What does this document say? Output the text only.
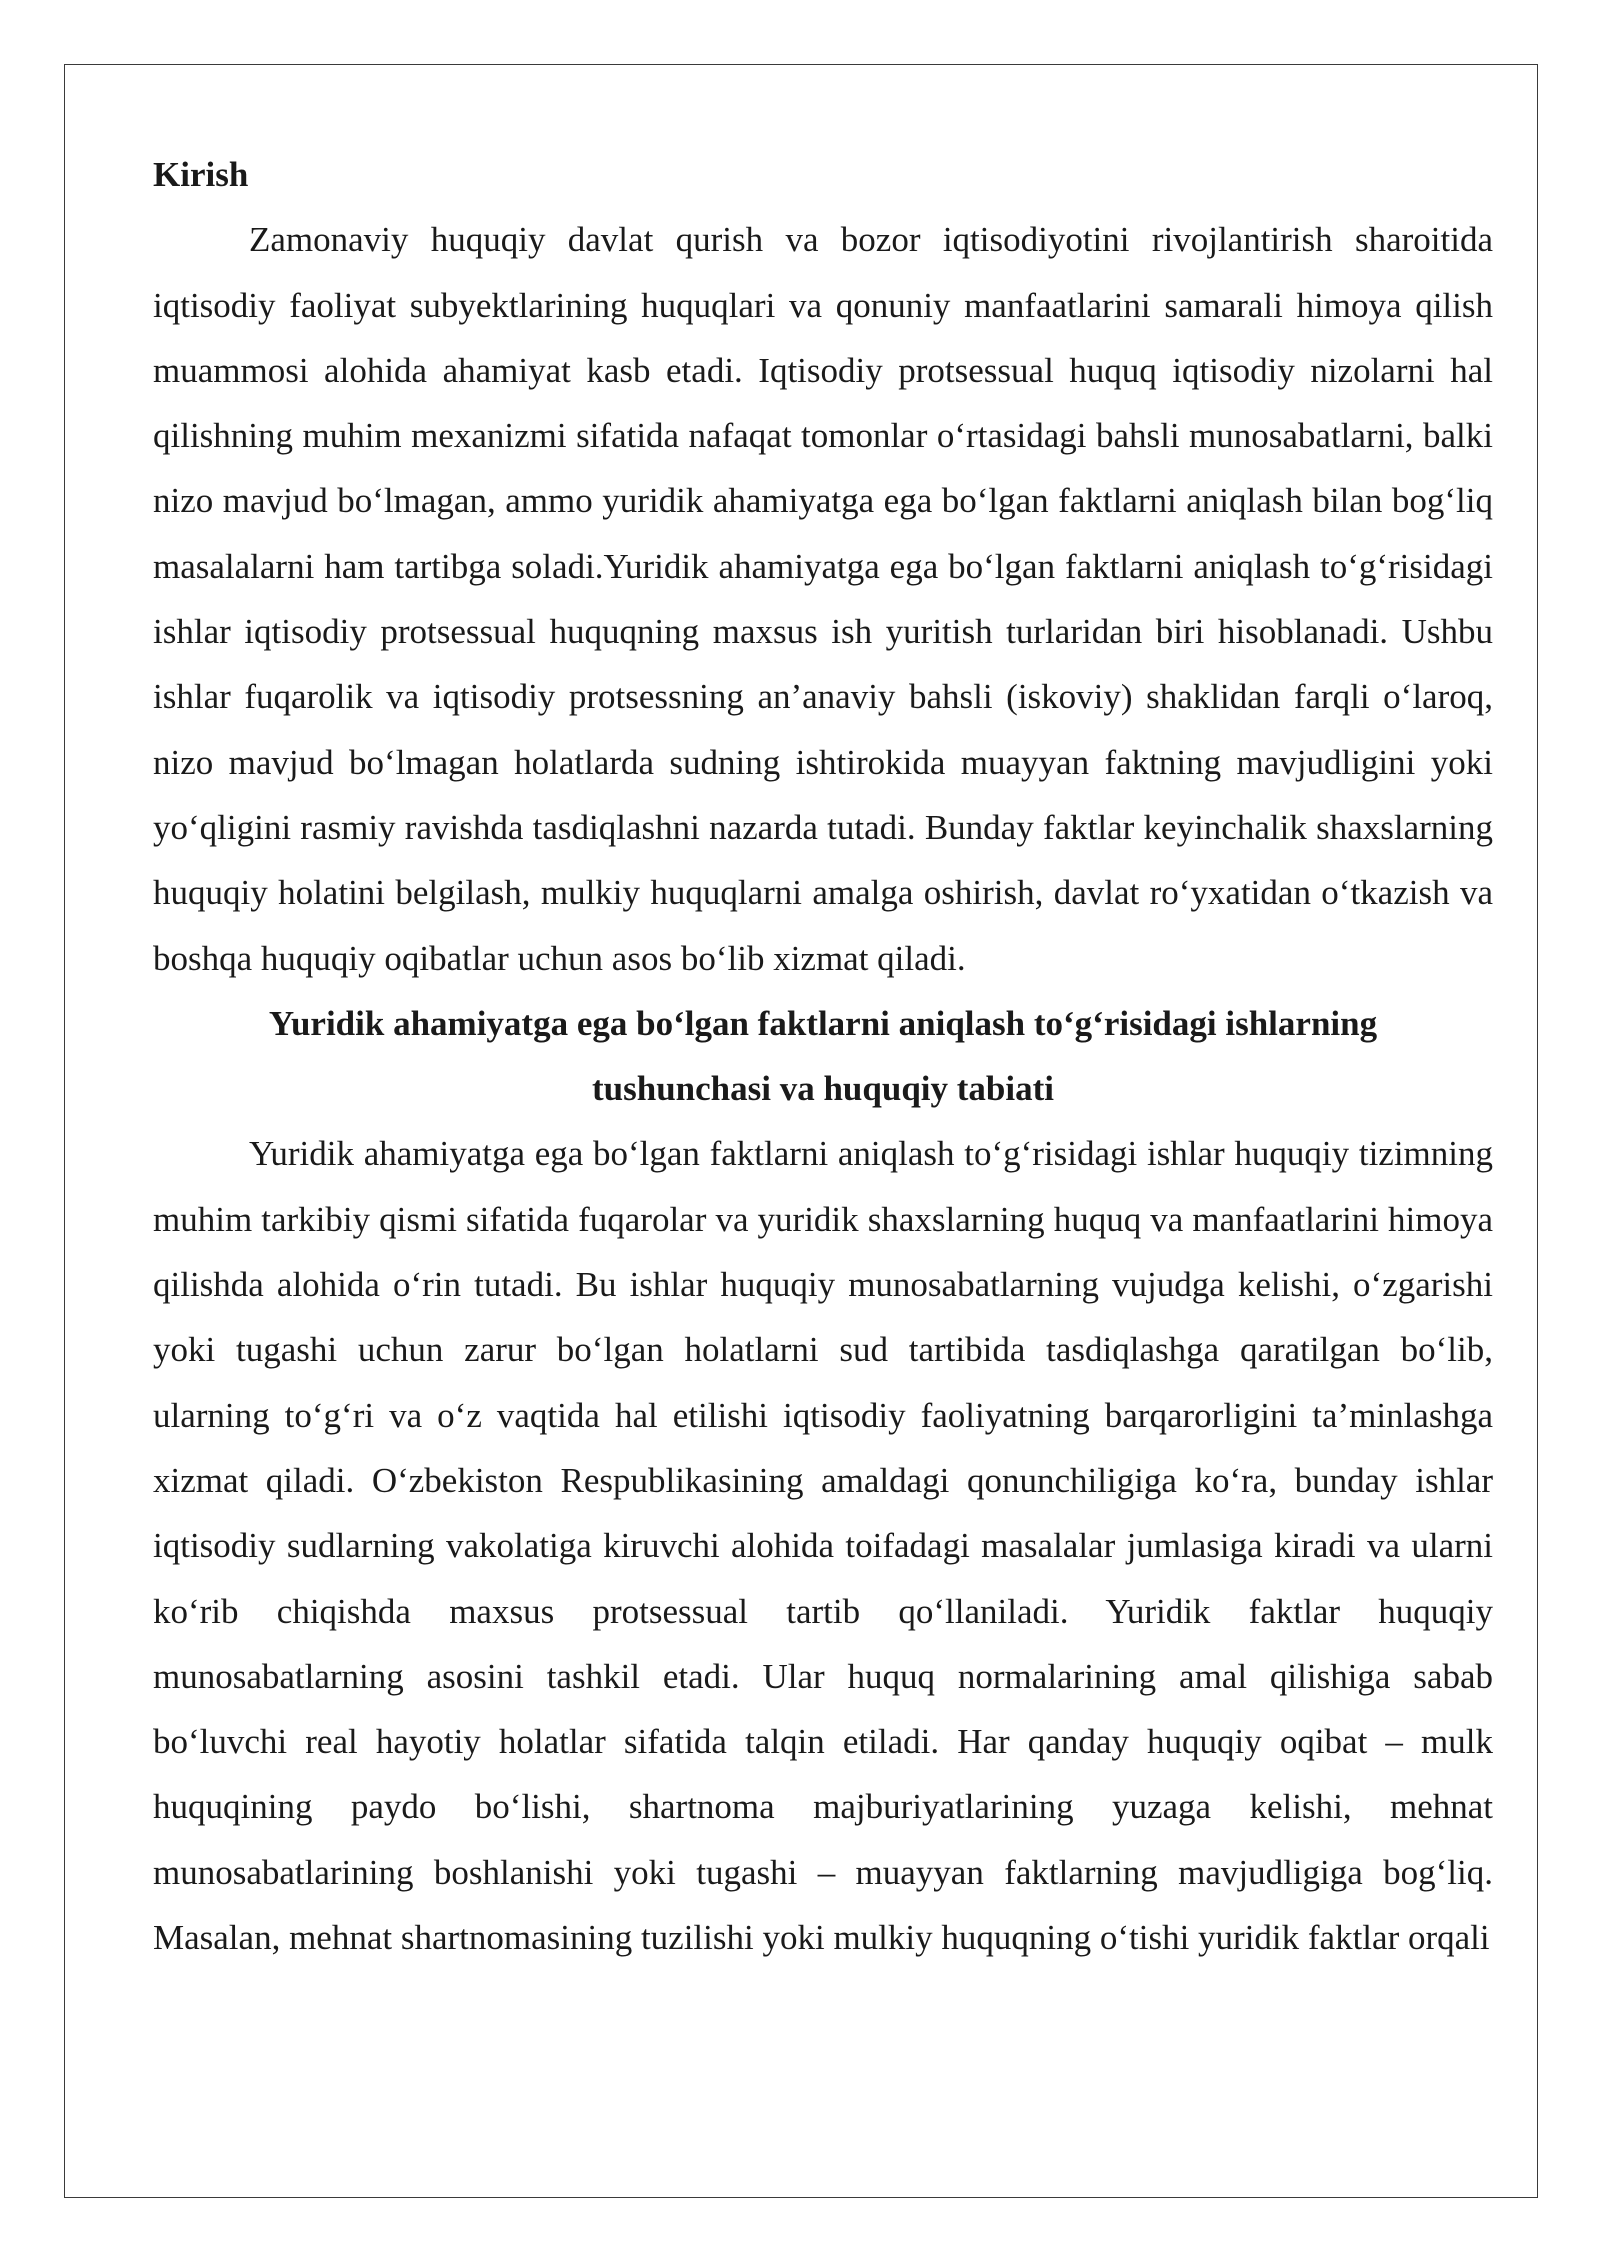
Kirish

Zamonaviy huquqiy davlat qurish va bozor iqtisodiyotini rivojlantirish sharoitida iqtisodiy faoliyat subyektlarining huquqlari va qonuniy manfaatlarini samarali himoya qilish muammosi alohida ahamiyat kasb etadi. Iqtisodiy protsessual huquq iqtisodiy nizolarni hal qilishning muhim mexanizmi sifatida nafaqat tomonlar o‘rtasidagi bahsli munosabatlarni, balki nizo mavjud bo‘lmagan, ammo yuridik ahamiyatga ega bo‘lgan faktlarni aniqlash bilan bog‘liq masalalarni ham tartibga soladi.Yuridik ahamiyatga ega bo‘lgan faktlarni aniqlash to‘g‘risidagi ishlar iqtisodiy protsessual huquqning maxsus ish yuritish turlaridan biri hisoblanadi. Ushbu ishlar fuqarolik va iqtisodiy protsessning an’anaviy bahsli (iskoviy) shaklidan farqli o‘laroq, nizo mavjud bo‘lmagan holatlarda sudning ishtirokida muayyan faktning mavjudligini yoki yo‘qligini rasmiy ravishda tasdiqlashni nazarda tutadi. Bunday faktlar keyinchalik shaxslarning huquqiy holatini belgilash, mulkiy huquqlarni amalga oshirish, davlat ro‘yxatidan o‘tkazish va boshqa huquqiy oqibatlar uchun asos bo‘lib xizmat qiladi.

Yuridik ahamiyatga ega bo‘lgan faktlarni aniqlash to‘g‘risidagi ishlarning

tushunchasi va huquqiy tabiati

Yuridik ahamiyatga ega bo‘lgan faktlarni aniqlash to‘g‘risidagi ishlar huquqiy tizimning muhim tarkibiy qismi sifatida fuqarolar va yuridik shaxslarning huquq va manfaatlarini himoya qilishda alohida o‘rin tutadi. Bu ishlar huquqiy munosabatlarning vujudga kelishi, o‘zgarishi yoki tugashi uchun zarur bo‘lgan holatlarni sud tartibida tasdiqlashga qaratilgan bo‘lib, ularning to‘g‘ri va o‘z vaqtida hal etilishi iqtisodiy faoliyatning barqarorligini ta’minlashga xizmat qiladi. O‘zbekiston Respublikasining amaldagi qonunchiligiga ko‘ra, bunday ishlar iqtisodiy sudlarning vakolatiga kiruvchi alohida toifadagi masalalar jumlasiga kiradi va ularni ko‘rib chiqishda maxsus protsessual tartib qo‘llaniladi. Yuridik faktlar huquqiy munosabatlarning asosini tashkil etadi. Ular huquq normalarining amal qilishiga sabab bo‘luvchi real hayotiy holatlar sifatida talqin etiladi. Har qanday huquqiy oqibat – mulk huquqining paydo bo‘lishi, shartnoma majburiyatlarining yuzaga kelishi, mehnat munosabatlarining boshlanishi yoki tugashi – muayyan faktlarning mavjudligiga bog‘liq. Masalan, mehnat shartnomasining tuzilishi yoki mulkiy huquqning o‘tishi yuridik faktlar orqali
